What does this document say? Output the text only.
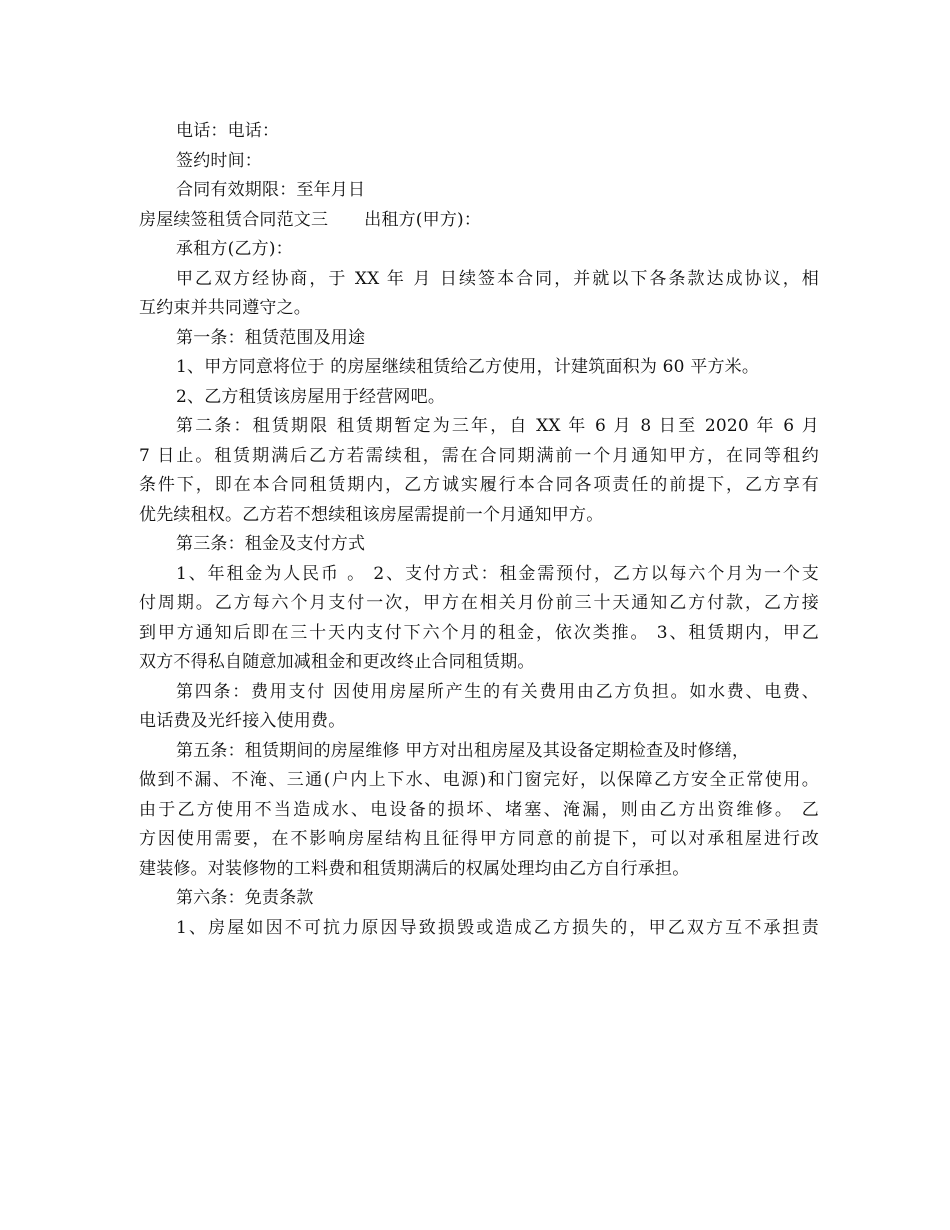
电话：电话：
签约时间：
合同有效期限：至年月日
房屋续签租赁合同范文三 出租方(甲方)：
承租方(乙方)：
甲乙双方经协商，于 XX 年 月 日续签本合同，并就以下各条款达成协议，相
互约束并共同遵守之。
第一条：租赁范围及用途
1、甲方同意将位于 的房屋继续租赁给乙方使用，计建筑面积为 60 平方米。
2、乙方租赁该房屋用于经营网吧。
第二条：租赁期限 租赁期暂定为三年，自 XX 年 6 月 8 日至 2020 年 6 月
7 日止。租赁期满后乙方若需续租，需在合同期满前一个月通知甲方，在同等租约
条件下，即在本合同租赁期内，乙方诚实履行本合同各项责任的前提下，乙方享有
优先续租权。乙方若不想续租该房屋需提前一个月通知甲方。
第三条：租金及支付方式
1、年租金为人民币 。 2、支付方式：租金需预付，乙方以每六个月为一个支
付周期。乙方每六个月支付一次，甲方在相关月份前三十天通知乙方付款，乙方接
到甲方通知后即在三十天内支付下六个月的租金，依次类推。 3、租赁期内，甲乙
双方不得私自随意加减租金和更改终止合同租赁期。
第四条：费用支付 因使用房屋所产生的有关费用由乙方负担。如水费、电费、
电话费及光纤接入使用费。
第五条：租赁期间的房屋维修 甲方对出租房屋及其设备定期检查及时修缮，
做到不漏、不淹、三通(户内上下水、电源)和门窗完好，以保障乙方安全正常使用。
由于乙方使用不当造成水、电设备的损坏、堵塞、淹漏，则由乙方出资维修。 乙
方因使用需要，在不影响房屋结构且征得甲方同意的前提下，可以对承租屋进行改
建装修。对装修物的工料费和租赁期满后的权属处理均由乙方自行承担。
第六条：免责条款
1、房屋如因不可抗力原因导致损毁或造成乙方损失的，甲乙双方互不承担责
